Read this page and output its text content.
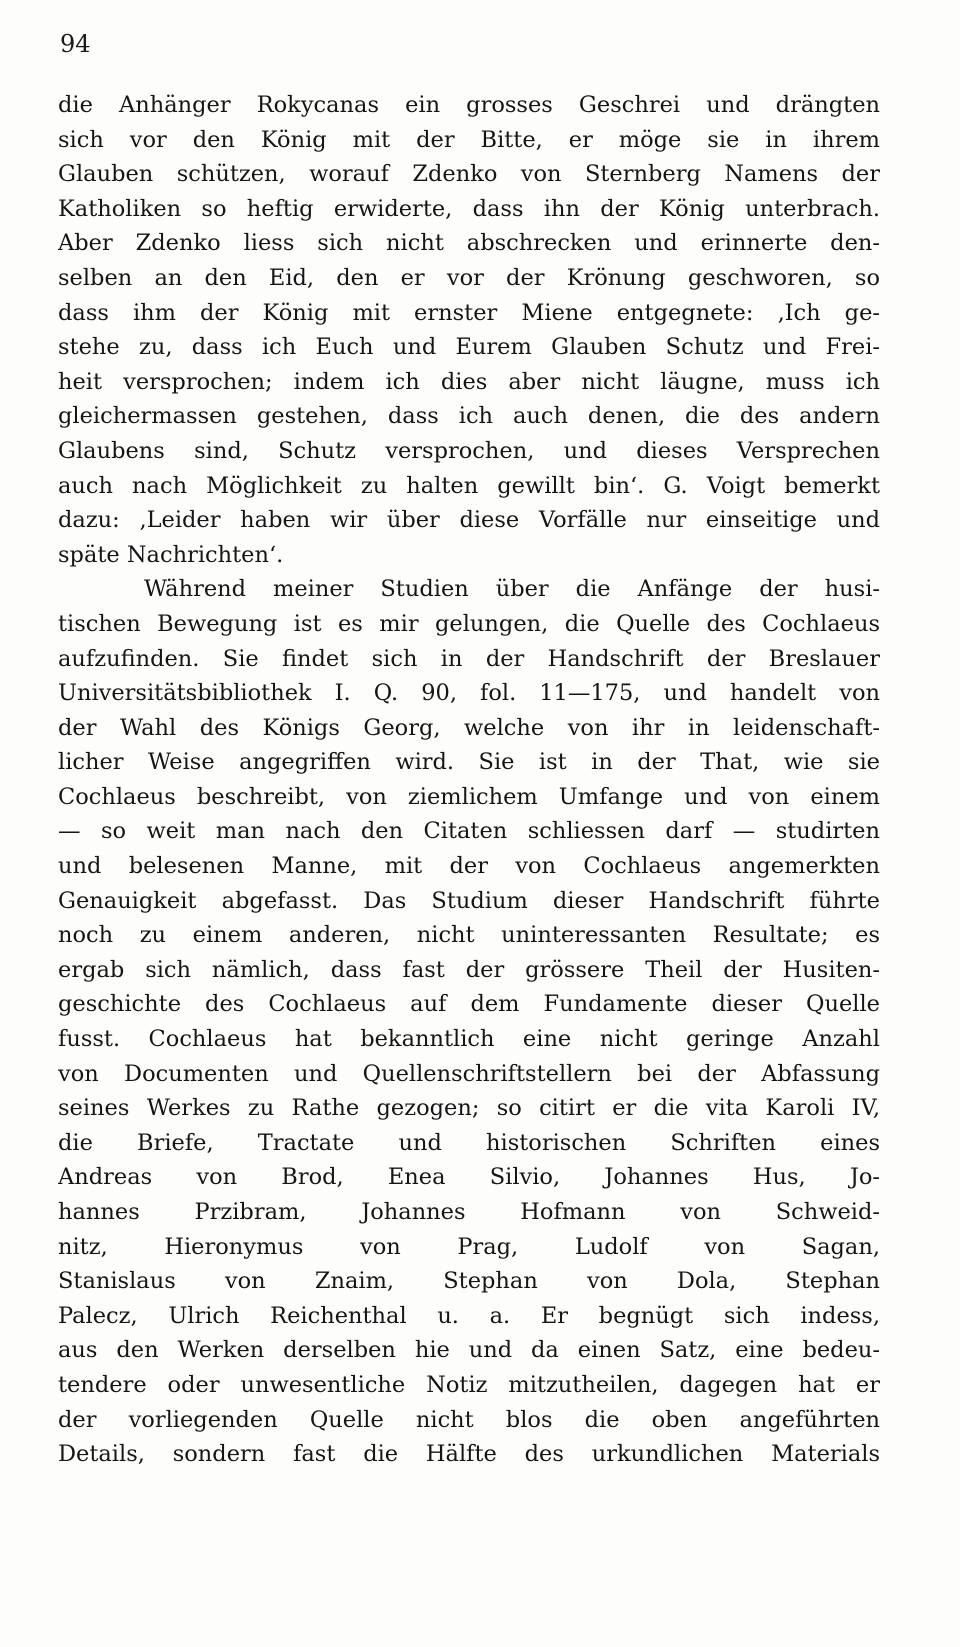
94
die Anhänger Rokycanas ein grosses Geschrei und drängten
sich vor den König mit der Bitte, er möge sie in ihrem
Glauben schützen, worauf Zdenko von Sternberg Namens der
Katholiken so heftig erwiderte, dass ihn der König unterbrach.
Aber Zdenko liess sich nicht abschrecken und erinnerte den-
selben an den Eid, den er vor der Krönung geschworen, so
dass ihm der König mit ernster Miene entgegnete: ‚Ich ge-
stehe zu, dass ich Euch und Eurem Glauben Schutz und Frei-
heit versprochen; indem ich dies aber nicht läugne, muss ich
gleichermassen gestehen, dass ich auch denen, die des andern
Glaubens sind, Schutz versprochen, und dieses Versprechen
auch nach Möglichkeit zu halten gewillt bin‘. G. Voigt bemerkt
dazu: ‚Leider haben wir über diese Vorfälle nur einseitige und
späte Nachrichten‘.
Während meiner Studien über die Anfänge der husi-
tischen Bewegung ist es mir gelungen, die Quelle des Cochlaeus
aufzufinden. Sie findet sich in der Handschrift der Breslauer
Universitätsbibliothek I. Q. 90, fol. 11—175, und handelt von
der Wahl des Königs Georg, welche von ihr in leidenschaft-
licher Weise angegriffen wird. Sie ist in der That, wie sie
Cochlaeus beschreibt, von ziemlichem Umfange und von einem
— so weit man nach den Citaten schliessen darf — studirten
und belesenen Manne, mit der von Cochlaeus angemerkten
Genauigkeit abgefasst. Das Studium dieser Handschrift führte
noch zu einem anderen, nicht uninteressanten Resultate; es
ergab sich nämlich, dass fast der grössere Theil der Husiten-
geschichte des Cochlaeus auf dem Fundamente dieser Quelle
fusst. Cochlaeus hat bekanntlich eine nicht geringe Anzahl
von Documenten und Quellenschriftstellern bei der Abfassung
seines Werkes zu Rathe gezogen; so citirt er die vita Karoli IV,
die Briefe, Tractate und historischen Schriften eines
Andreas von Brod, Enea Silvio, Johannes Hus, Jo-
hannes Przibram, Johannes Hofmann von Schweid-
nitz, Hieronymus von Prag, Ludolf von Sagan,
Stanislaus von Znaim, Stephan von Dola, Stephan
Palecz, Ulrich Reichenthal u. a. Er begnügt sich indess,
aus den Werken derselben hie und da einen Satz, eine bedeu-
tendere oder unwesentliche Notiz mitzutheilen, dagegen hat er
der vorliegenden Quelle nicht blos die oben angeführten
Details, sondern fast die Hälfte des urkundlichen Materials
